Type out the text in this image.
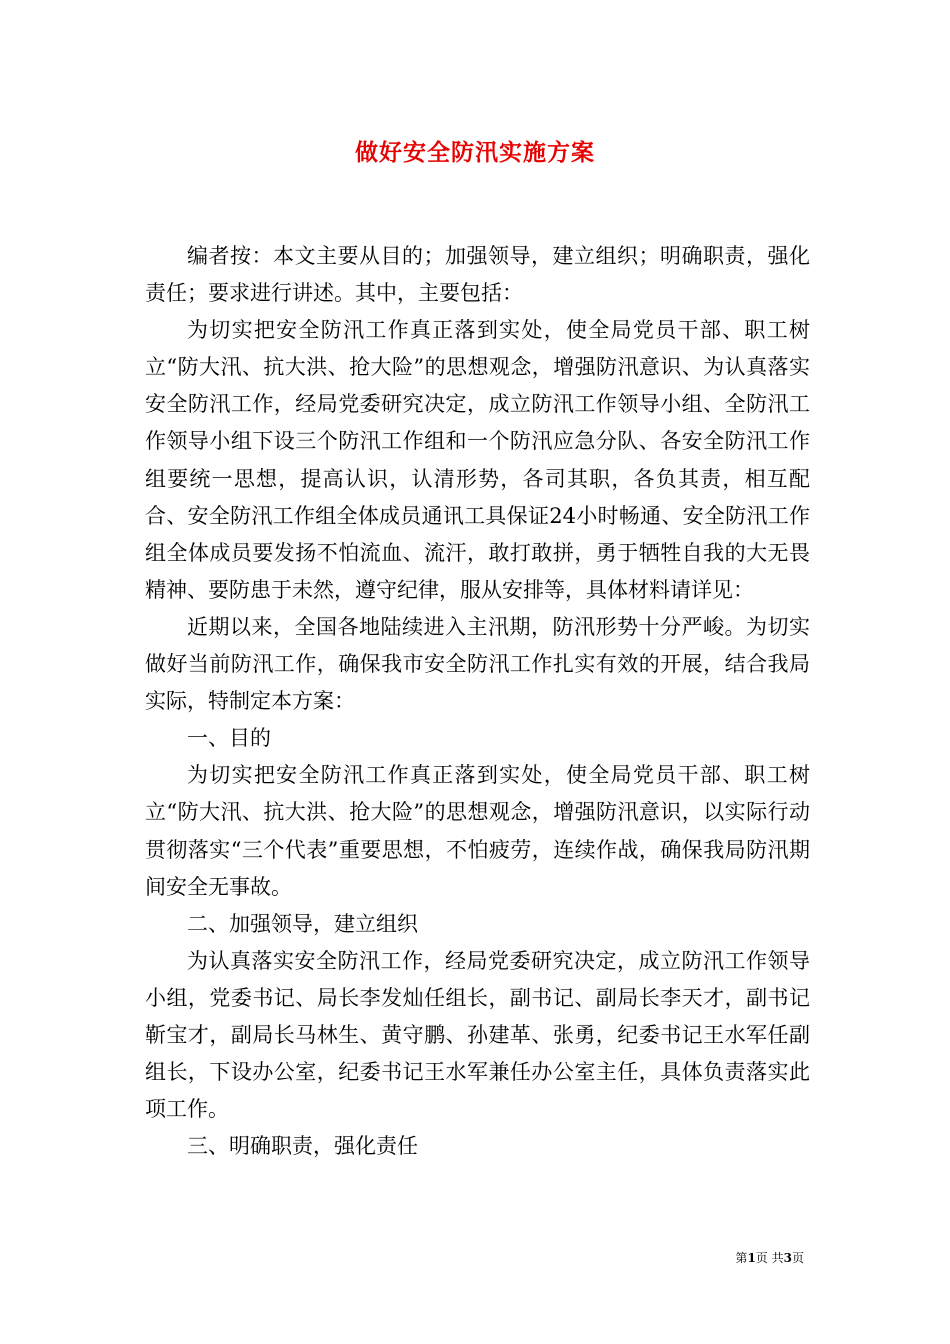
做好安全防汛实施方案

编者按：本文主要从目的；加强领导，建立组织；明确职责，强化责任；要求进行讲述。其中，主要包括：

为切实把安全防汛工作真正落到实处，使全局党员干部、职工树立“防大汛、抗大洪、抢大险”的思想观念，增强防汛意识、为认真落实安全防汛工作，经局党委研究决定，成立防汛工作领导小组、全防汛工作领导小组下设三个防汛工作组和一个防汛应急分队、各安全防汛工作组要统一思想，提高认识，认清形势，各司其职，各负其责，相互配合、安全防汛工作组全体成员通讯工具保证24小时畅通、安全防汛工作组全体成员要发扬不怕流血、流汗，敢打敢拼，勇于牺牲自我的大无畏精神、要防患于未然，遵守纪律，服从安排等，具体材料请详见：

近期以来，全国各地陆续进入主汛期，防汛形势十分严峻。为切实做好当前防汛工作，确保我市安全防汛工作扎实有效的开展，结合我局实际，特制定本方案：

一、目的

为切实把安全防汛工作真正落到实处，使全局党员干部、职工树立“防大汛、抗大洪、抢大险”的思想观念，增强防汛意识，以实际行动贯彻落实“三个代表”重要思想，不怕疲劳，连续作战，确保我局防汛期间安全无事故。

二、加强领导，建立组织

为认真落实安全防汛工作，经局党委研究决定，成立防汛工作领导小组，党委书记、局长李发灿任组长，副书记、副局长李天才，副书记靳宝才，副局长马林生、黄守鹏、孙建革、张勇，纪委书记王水军任副组长，下设办公室，纪委书记王水军兼任办公室主任，具体负责落实此项工作。

三、明确职责，强化责任

第1页 共3页
